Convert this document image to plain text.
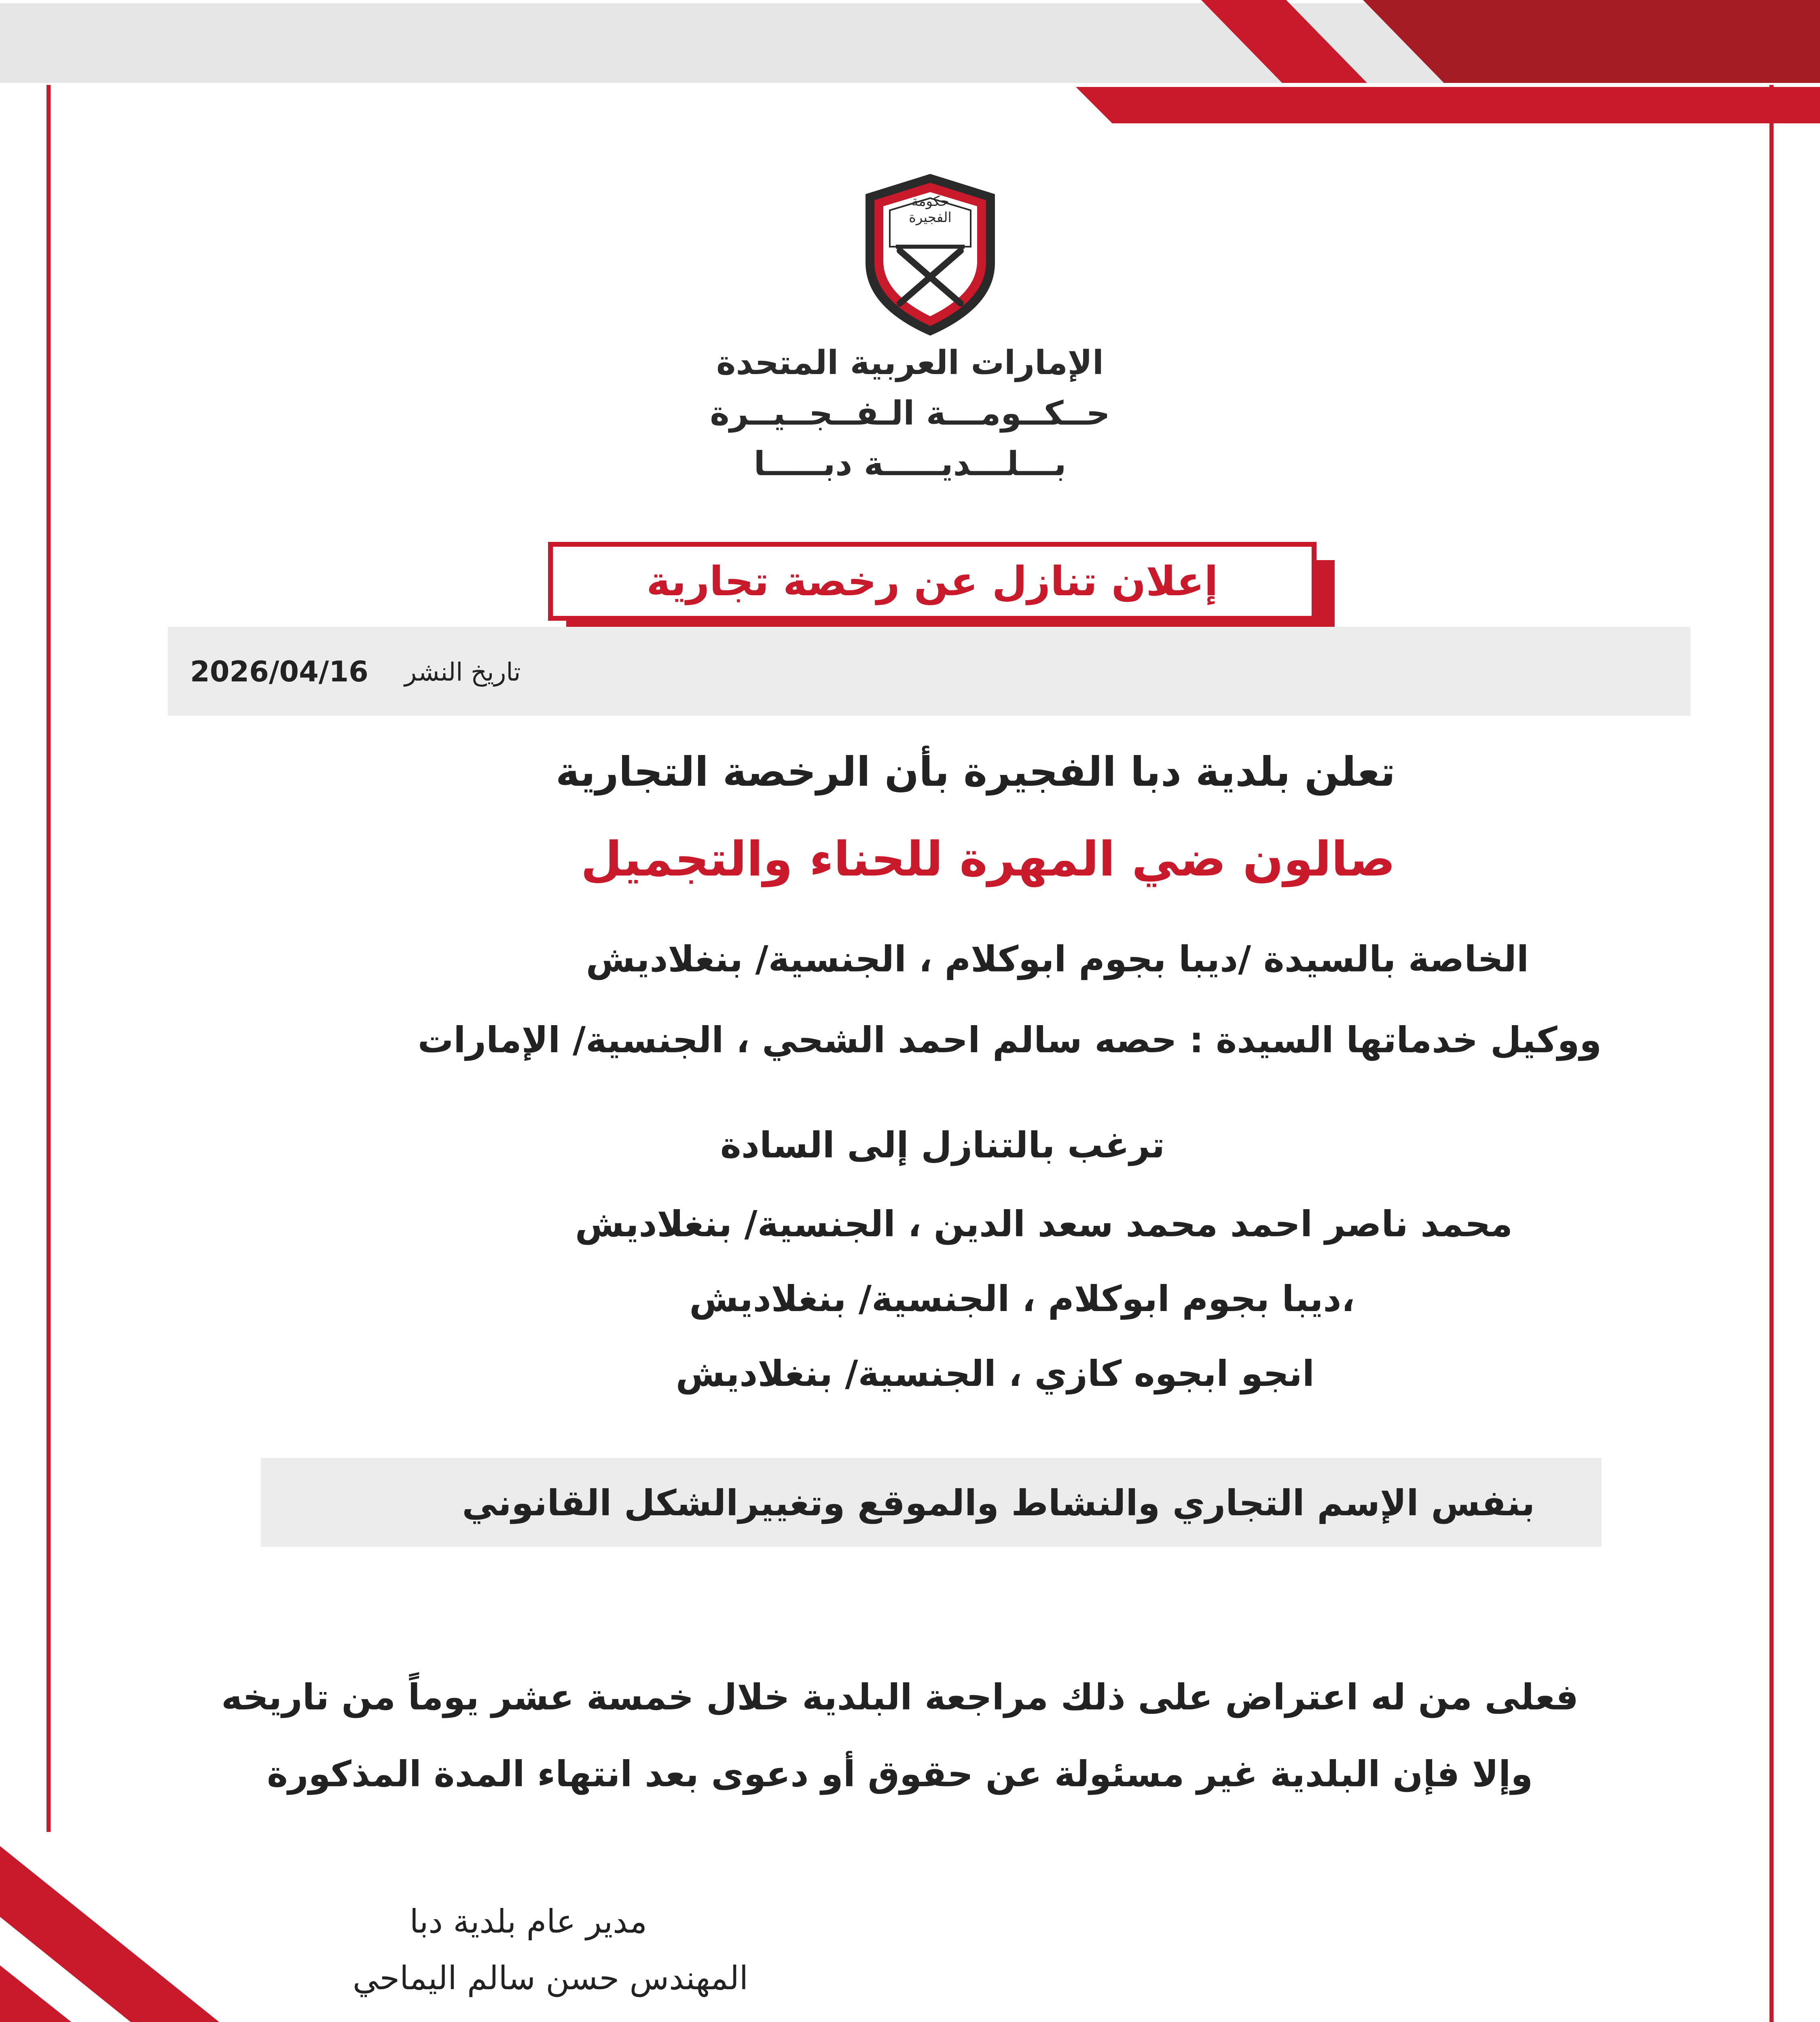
حكومة الفجيرة
الإمارات العربية المتحدة
حــكــومـــة الـفــجــيــرة
بـــلـــديـــــة دبـــــا
إعلان تنازل عن رخصة تجارية
2026/04/16 تاريخ النشر
تعلن بلدية دبا الفجيرة بأن الرخصة التجارية
صالون ضي المهرة للحناء والتجميل
الخاصة بالسيدة /ديبا بجوم ابوكلام ، الجنسية/ بنغلاديش
ووكيل خدماتها السيدة : حصه سالم احمد الشحي ، الجنسية/ الإمارات
ترغب بالتنازل إلى السادة
محمد ناصر احمد محمد سعد الدين ، الجنسية/ بنغلاديش
،ديبا بجوم ابوكلام ، الجنسية/ بنغلاديش
انجو ابجوه كازي ، الجنسية/ بنغلاديش
بنفس الإسم التجاري والنشاط والموقع وتغييرالشكل القانوني
فعلى من له اعتراض على ذلك مراجعة البلدية خلال خمسة عشر يوماً من تاريخه
وإلا فإن البلدية غير مسئولة عن حقوق أو دعوى بعد انتهاء المدة المذكورة
مدير عام بلدية دبا
المهندس حسن سالم اليماحي
